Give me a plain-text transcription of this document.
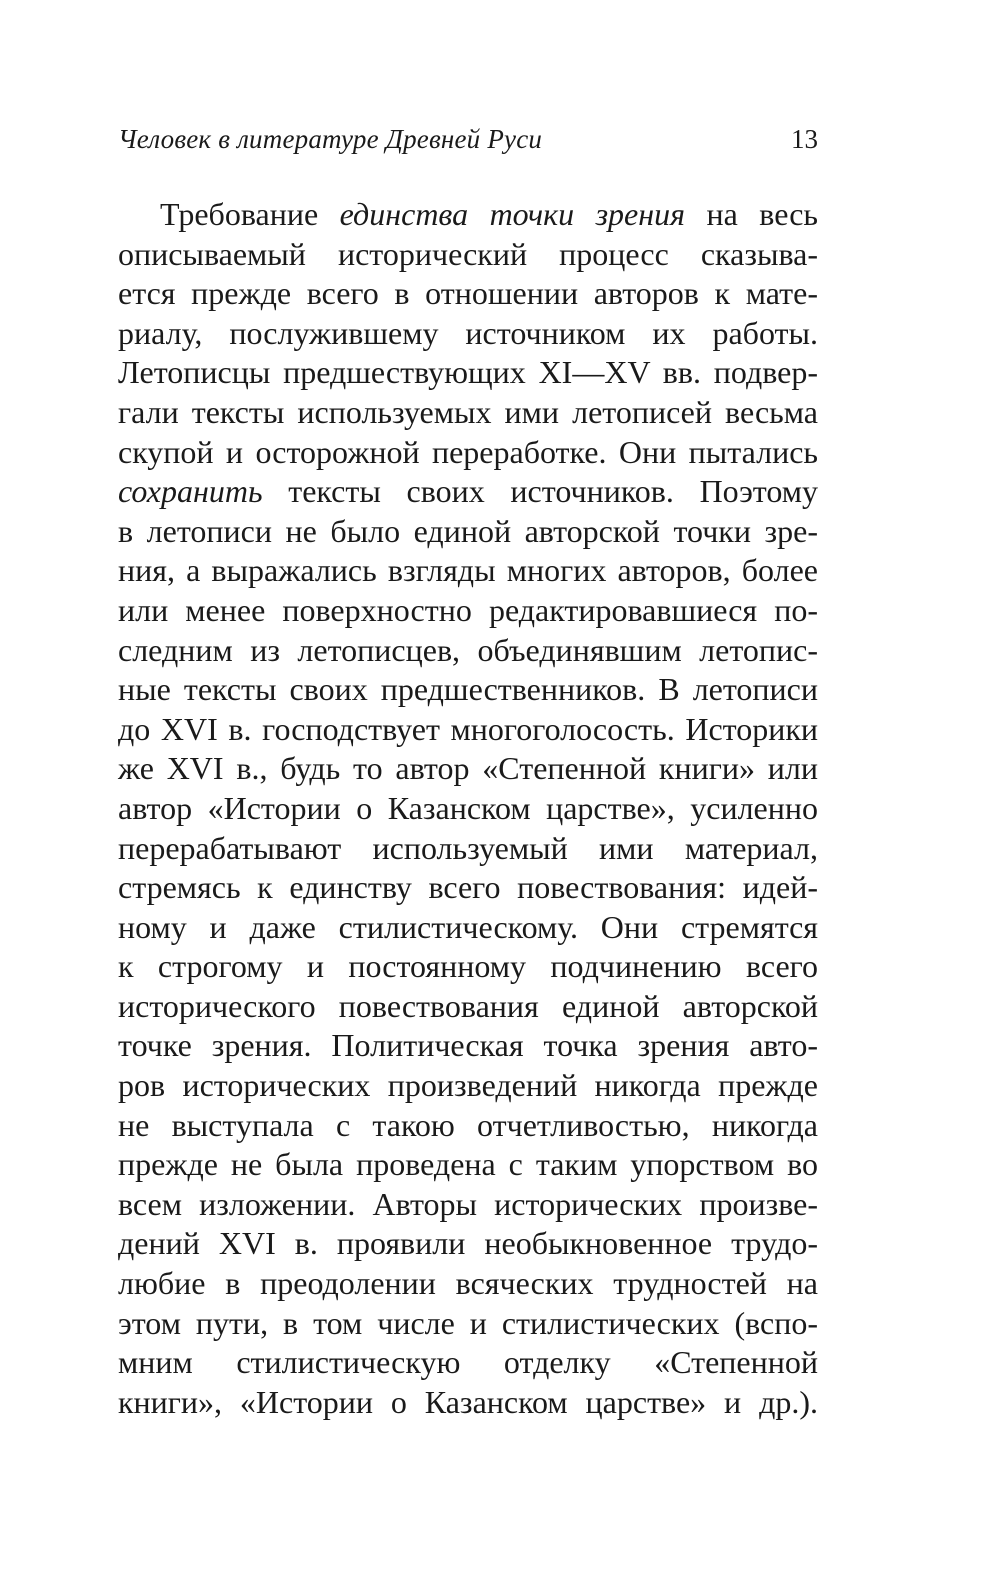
Человек в литературе Древней Руси	13
Требование единства точки зрения на весь
описываемый исторический процесс сказыва-
ется прежде всего в отношении авторов к мате-
риалу, послужившему источником их работы.
Летописцы предшествующих XI—XV вв. подвер-
гали тексты используемых ими летописей весьма
скупой и осторожной переработке. Они пытались
сохранить тексты своих источников. Поэтому
в летописи не было единой авторской точки зре-
ния, а выражались взгляды многих авторов, более
или менее поверхностно редактировавшиеся по-
следним из летописцев, объединявшим летопис-
ные тексты своих предшественников. В летописи
до XVI в. господствует многоголосость. Историки
же XVI в., будь то автор «Степенной книги» или
автор «Истории о Казанском царстве», усиленно
перерабатывают используемый ими материал,
стремясь к единству всего повествования: идей-
ному и даже стилистическому. Они стремятся
к строгому и постоянному подчинению всего
исторического повествования единой авторской
точке зрения. Политическая точка зрения авто-
ров исторических произведений никогда прежде
не выступала с такою отчетливостью, никогда
прежде не была проведена с таким упорством во
всем изложении. Авторы исторических произве-
дений XVI в. проявили необыкновенное трудо-
любие в преодолении всяческих трудностей на
этом пути, в том числе и стилистических (вспо-
мним стилистическую отделку «Степенной
книги», «Истории о Казанском царстве» и др.).
